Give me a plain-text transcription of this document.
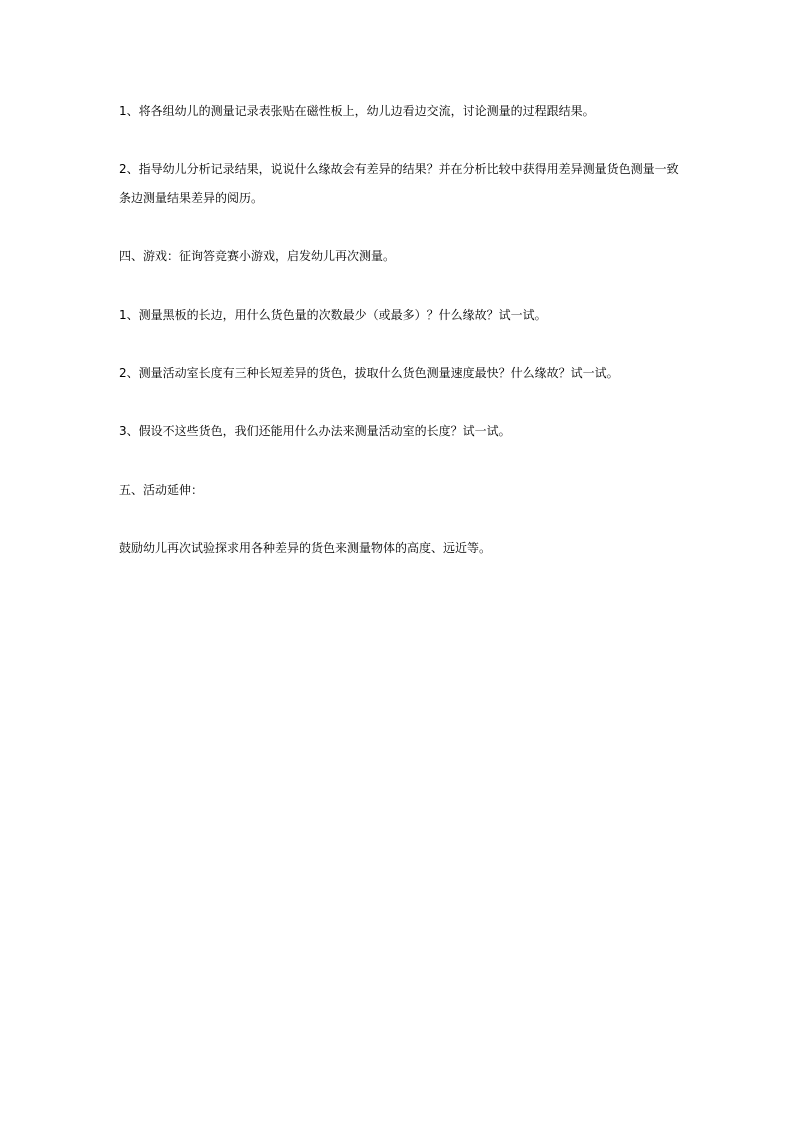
1、将各组幼儿的测量记录表张贴在磁性板上，幼儿边看边交流，讨论测量的过程跟结果。
2、指导幼儿分析记录结果，说说什么缘故会有差异的结果？并在分析比较中获得用差异测量货色测量一致条边测量结果差异的阅历。
四、游戏：征询答竞赛小游戏，启发幼儿再次测量。
1、测量黑板的长边，用什么货色量的次数最少（或最多）？什么缘故？试一试。
2、测量活动室长度有三种长短差异的货色，拔取什么货色测量速度最快？什么缘故？试一试。
3、假设不这些货色，我们还能用什么办法来测量活动室的长度？试一试。
五、活动延伸：
鼓励幼儿再次试验探求用各种差异的货色来测量物体的高度、远近等。
